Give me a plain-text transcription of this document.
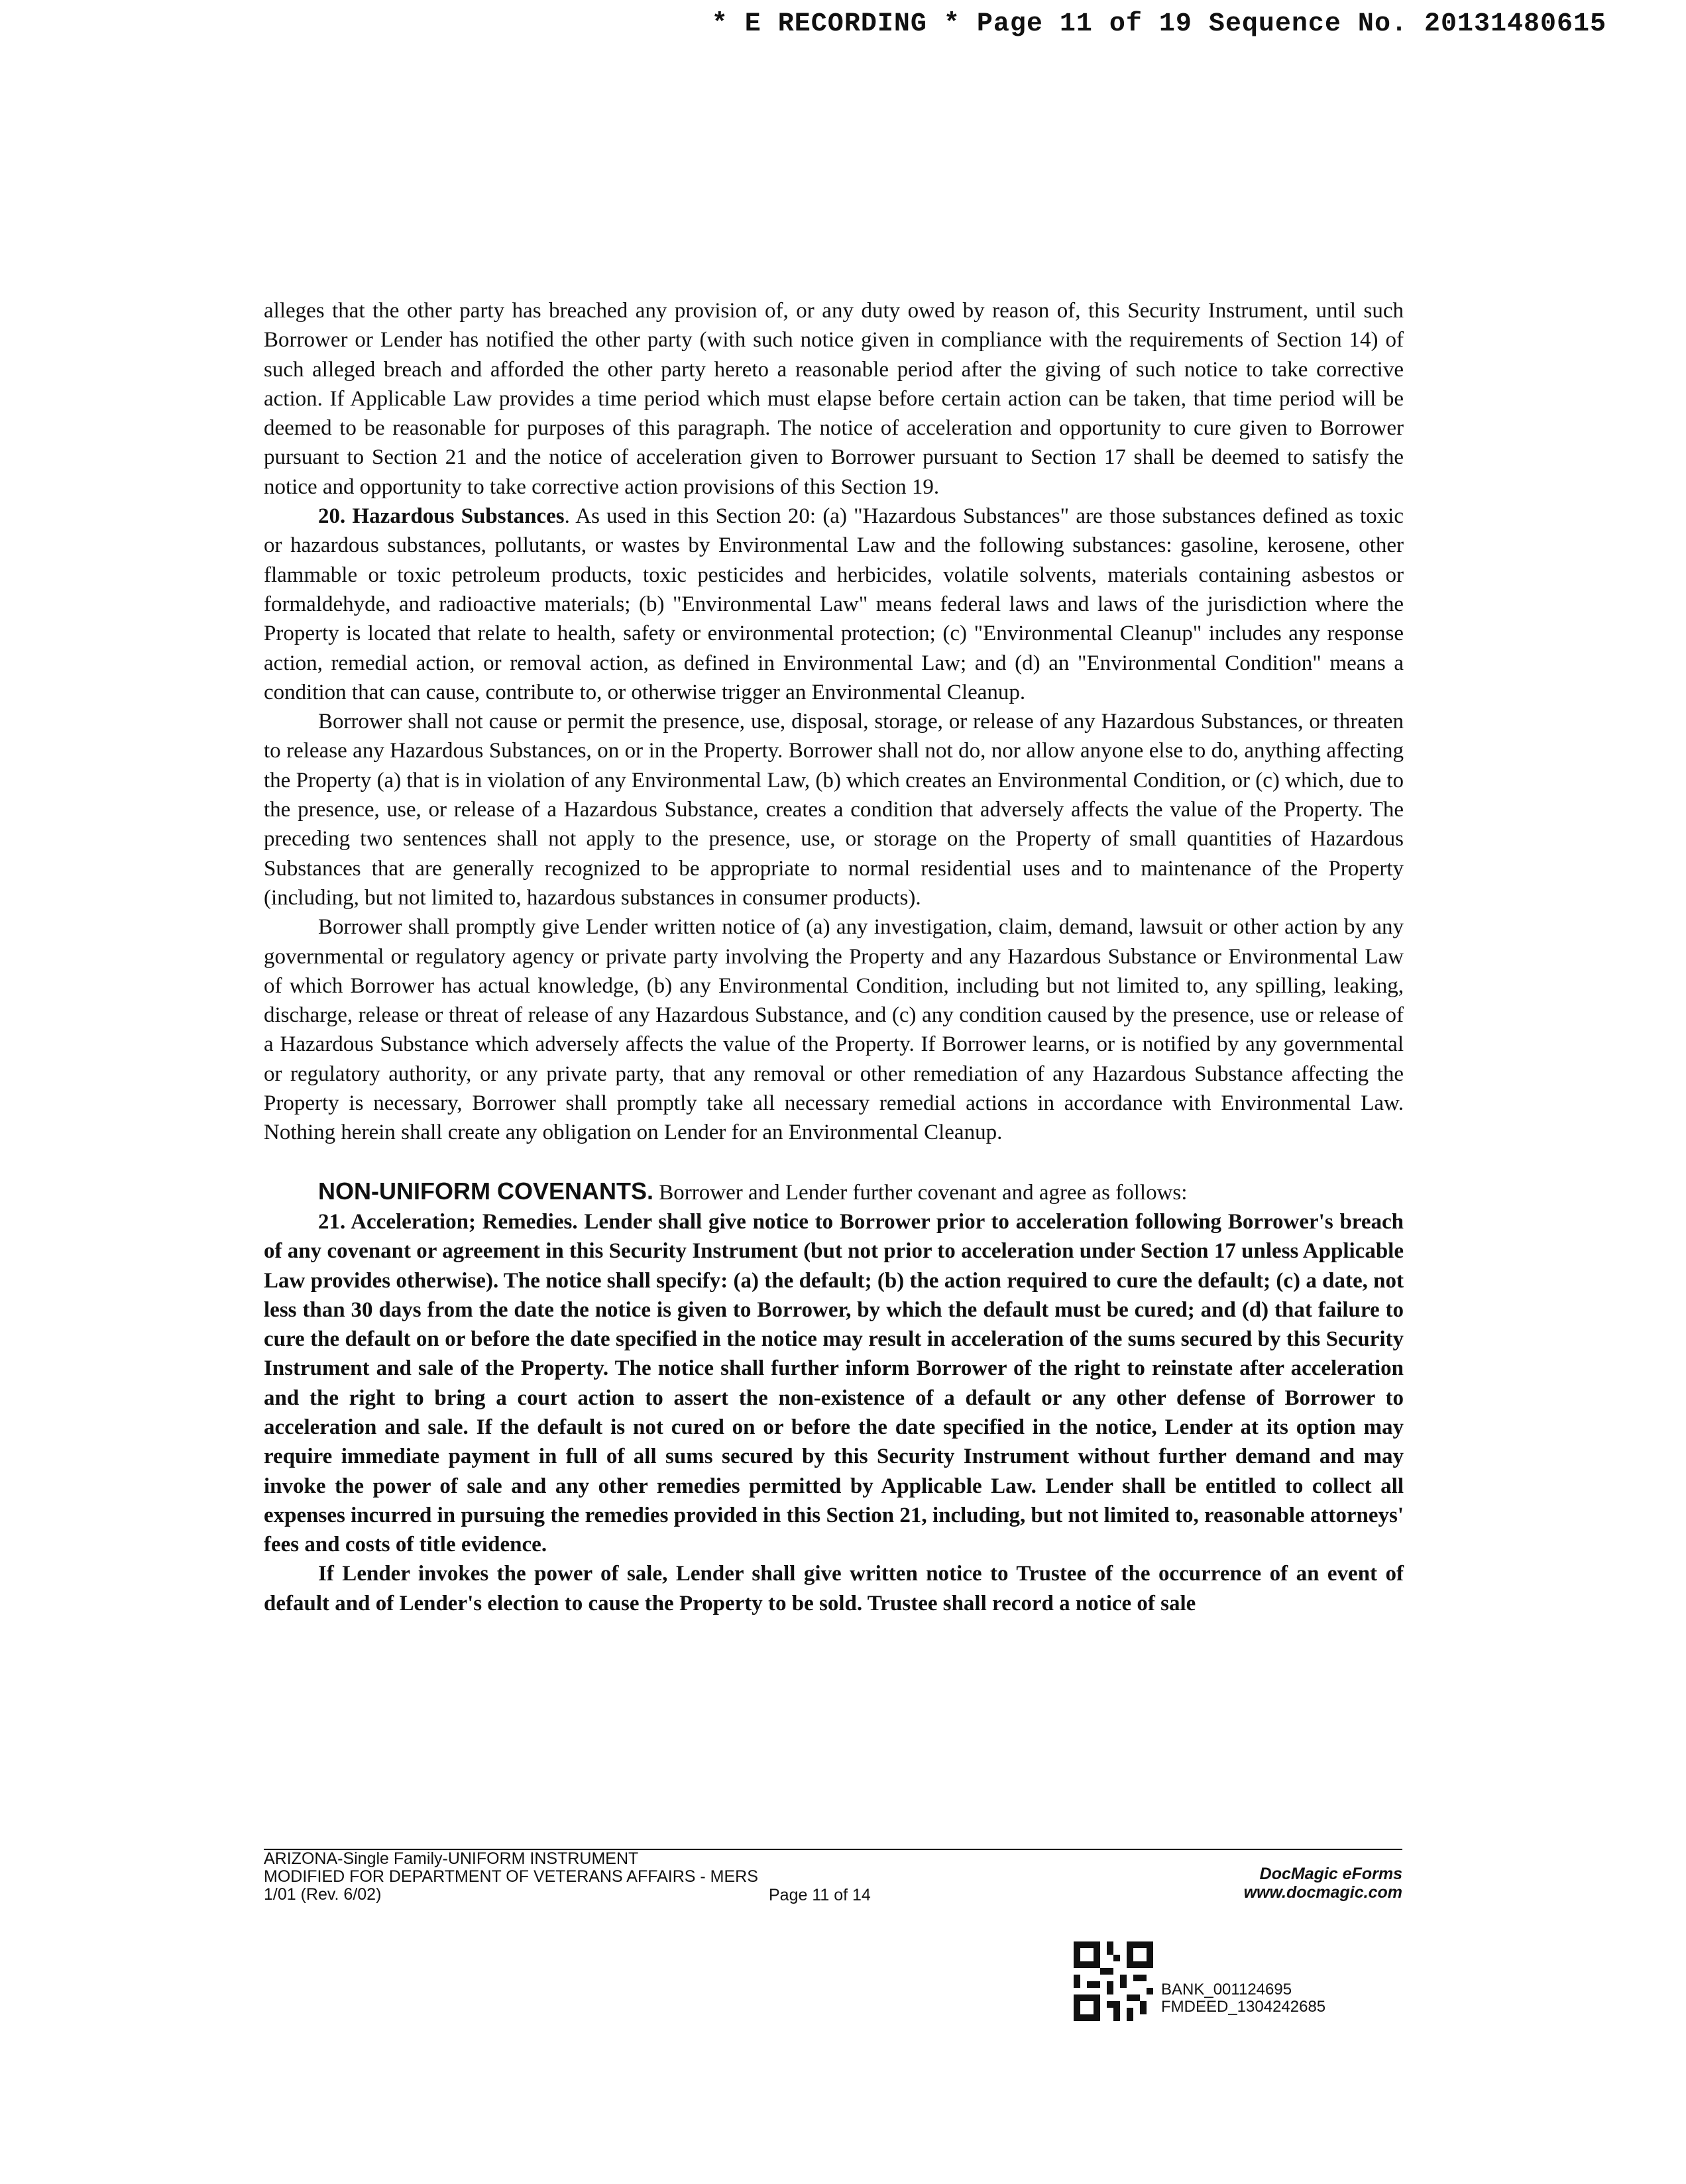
* E RECORDING * Page 11 of 19 Sequence No. 20131480615

alleges that the other party has breached any provision of, or any duty owed by reason of, this Security Instrument, until such Borrower or Lender has notified the other party (with such notice given in compliance with the requirements of Section 14) of such alleged breach and afforded the other party hereto a reasonable period after the giving of such notice to take corrective action. If Applicable Law provides a time period which must elapse before certain action can be taken, that time period will be deemed to be reasonable for purposes of this paragraph. The notice of acceleration and opportunity to cure given to Borrower pursuant to Section 21 and the notice of acceleration given to Borrower pursuant to Section 17 shall be deemed to satisfy the notice and opportunity to take corrective action provisions of this Section 19.

20. Hazardous Substances. As used in this Section 20: (a) "Hazardous Substances" are those substances defined as toxic or hazardous substances, pollutants, or wastes by Environmental Law and the following substances: gasoline, kerosene, other flammable or toxic petroleum products, toxic pesticides and herbicides, volatile solvents, materials containing asbestos or formaldehyde, and radioactive materials; (b) "Environmental Law" means federal laws and laws of the jurisdiction where the Property is located that relate to health, safety or environmental protection; (c) "Environmental Cleanup" includes any response action, remedial action, or removal action, as defined in Environmental Law; and (d) an "Environmental Condition" means a condition that can cause, contribute to, or otherwise trigger an Environmental Cleanup.

Borrower shall not cause or permit the presence, use, disposal, storage, or release of any Hazardous Substances, or threaten to release any Hazardous Substances, on or in the Property. Borrower shall not do, nor allow anyone else to do, anything affecting the Property (a) that is in violation of any Environmental Law, (b) which creates an Environmental Condition, or (c) which, due to the presence, use, or release of a Hazardous Substance, creates a condition that adversely affects the value of the Property. The preceding two sentences shall not apply to the presence, use, or storage on the Property of small quantities of Hazardous Substances that are generally recognized to be appropriate to normal residential uses and to maintenance of the Property (including, but not limited to, hazardous substances in consumer products).

Borrower shall promptly give Lender written notice of (a) any investigation, claim, demand, lawsuit or other action by any governmental or regulatory agency or private party involving the Property and any Hazardous Substance or Environmental Law of which Borrower has actual knowledge, (b) any Environmental Condition, including but not limited to, any spilling, leaking, discharge, release or threat of release of any Hazardous Substance, and (c) any condition caused by the presence, use or release of a Hazardous Substance which adversely affects the value of the Property. If Borrower learns, or is notified by any governmental or regulatory authority, or any private party, that any removal or other remediation of any Hazardous Substance affecting the Property is necessary, Borrower shall promptly take all necessary remedial actions in accordance with Environmental Law. Nothing herein shall create any obligation on Lender for an Environmental Cleanup.

NON-UNIFORM COVENANTS. Borrower and Lender further covenant and agree as follows:

21. Acceleration; Remedies. Lender shall give notice to Borrower prior to acceleration following Borrower's breach of any covenant or agreement in this Security Instrument (but not prior to acceleration under Section 17 unless Applicable Law provides otherwise). The notice shall specify: (a) the default; (b) the action required to cure the default; (c) a date, not less than 30 days from the date the notice is given to Borrower, by which the default must be cured; and (d) that failure to cure the default on or before the date specified in the notice may result in acceleration of the sums secured by this Security Instrument and sale of the Property. The notice shall further inform Borrower of the right to reinstate after acceleration and the right to bring a court action to assert the non-existence of a default or any other defense of Borrower to acceleration and sale. If the default is not cured on or before the date specified in the notice, Lender at its option may require immediate payment in full of all sums secured by this Security Instrument without further demand and may invoke the power of sale and any other remedies permitted by Applicable Law. Lender shall be entitled to collect all expenses incurred in pursuing the remedies provided in this Section 21, including, but not limited to, reasonable attorneys' fees and costs of title evidence.

If Lender invokes the power of sale, Lender shall give written notice to Trustee of the occurrence of an event of default and of Lender's election to cause the Property to be sold. Trustee shall record a notice of sale

ARIZONA-Single Family-UNIFORM INSTRUMENT
MODIFIED FOR DEPARTMENT OF VETERANS AFFAIRS - MERS
1/01 (Rev. 6/02)	Page 11 of 14
DocMagic eForms
www.docmagic.com
BANK_001124695
FMDEED_1304242685
